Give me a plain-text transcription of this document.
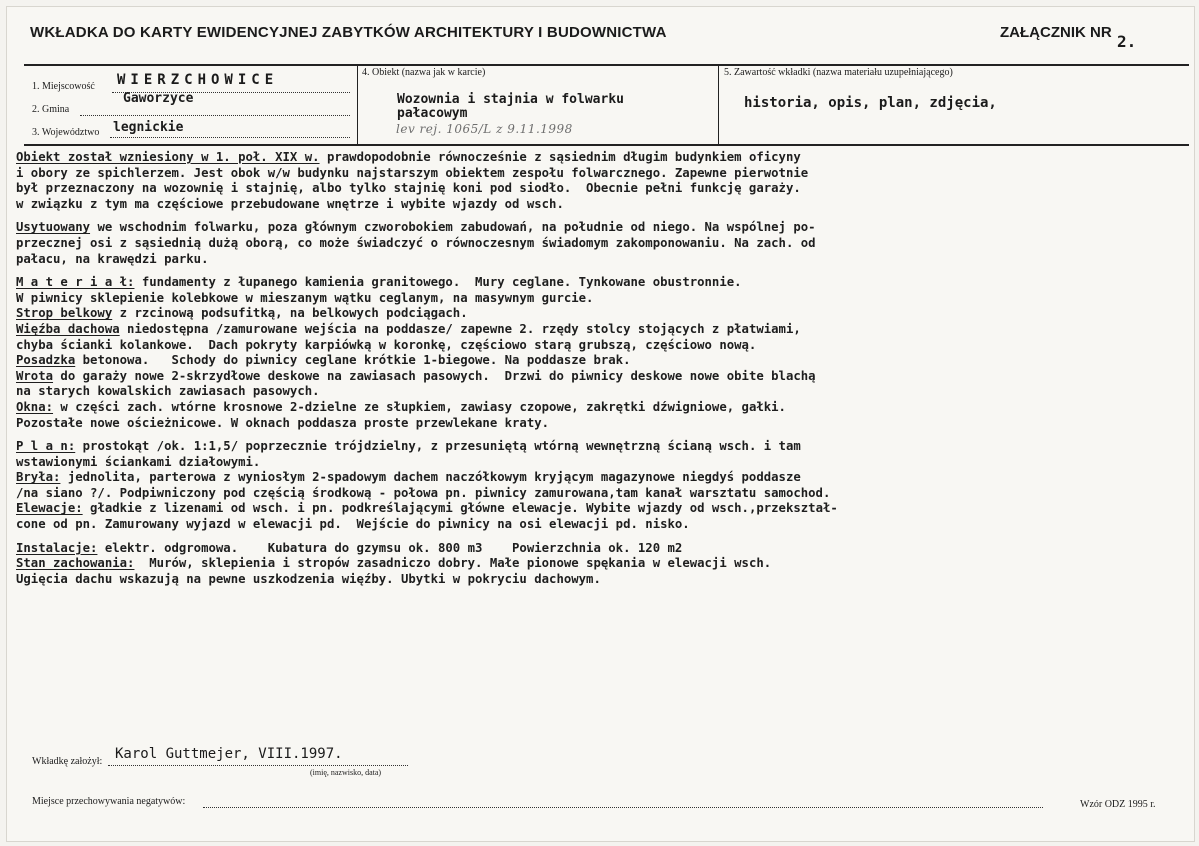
WKŁADKA DO KARTY EWIDENCYJNEJ ZABYTKÓW ARCHITEKTURY I BUDOWNICTWA	ZAŁĄCZNIK NR 2.
1. Miejscowość WIERZCHOWICE
2. Gmina
Gaworzyce
3. Województwo legnickie
4. Obiekt (nazwa jak w karcie)
Wozownia i stajnia w folwarku
pałacowym
lev rej. 1065/L z 9.11.1998
5. Zawartość wkładki (nazwa materiału uzupełniającego)
historia, opis, plan, zdjęcia,
Obiekt został wzniesiony w 1. poł. XIX w. prawdopodobnie równocześnie z sąsiednim długim budynkiem oficyny
i obory ze spichlerzem. Jest obok w/w budynku najstarszym obiektem zespołu folwarcznego. Zapewne pierwotnie
był przeznaczony na wozownię i stajnię, albo tylko stajnię koni pod siodło.  Obecnie pełni funkcję garaży.
w związku z tym ma częściowe przebudowane wnętrze i wybite wjazdy od wsch.
Usytuowany we wschodnim folwarku, poza głównym czworobokiem zabudowań, na południe od niego. Na wspólnej po-
przecznej osi z sąsiednią dużą oborą, co może świadczyć o równoczesnym świadomym zakomponowaniu. Na zach. od
pałacu, na krawędzi parku.
M a t e r i a ł: fundamenty z łupanego kamienia granitowego.  Mury ceglane. Tynkowane obustronnie.
W piwnicy sklepienie kolebkowe w mieszanym wątku ceglanym, na masywnym gurcie.
Strop belkowy z rzcinową podsufitką, na belkowych podciągach.
Więźba dachowa niedostępna /zamurowane wejścia na poddasze/ zapewne 2. rzędy stolcy stojących z płatwiami,
chyba ścianki kolankowe.  Dach pokryty karpiówką w koronkę, częściowo starą grubszą, częściowo nową.
Posadzka betonowa.   Schody do piwnicy ceglane krótkie 1-biegowe. Na poddasze brak.
Wrota do garaży nowe 2-skrzydłowe deskowe na zawiasach pasowych.  Drzwi do piwnicy deskowe nowe obite blachą
na starych kowalskich zawiasach pasowych.
Okna: w części zach. wtórne krosnowe 2-dzielne ze słupkiem, zawiasy czopowe, zakrętki dźwigniowe, gałki.
Pozostałe nowe ościeżnicowe. W oknach poddasza proste przewlekane kraty.
P l a n: prostokąt /ok. 1:1,5/ poprzecznie trójdzielny, z przesuniętą wtórną wewnętrzną ścianą wsch. i tam
wstawionymi ściankami działowymi.
Bryła: jednolita, parterowa z wyniosłym 2-spadowym dachem naczółkowym kryjącym magazynowe niegdyś poddasze
/na siano ?/. Podpiwniczony pod częścią środkową - połowa pn. piwnicy zamurowana,tam kanał warsztatu samochod.
Elewacje: gładkie z lizenami od wsch. i pn. podkreślającymi główne elewacje. Wybite wjazdy od wsch.,przekształ-
cone od pn. Zamurowany wyjazd w elewacji pd.  Wejście do piwnicy na osi elewacji pd. nisko.
Instalacje: elektr. odgromowa.    Kubatura do gzymsu ok. 800 m3    Powierzchnia ok. 120 m2
Stan zachowania:  Murów, sklepienia i stropów zasadniczo dobry. Małe pionowe spękania w elewacji wsch.
Ugięcia dachu wskazują na pewne uszkodzenia więźby. Ubytki w pokryciu dachowym.
Wkładkę założył: Karol Guttmejer, VIII.1997.
(imię, nazwisko, data)
Miejsce przechowywania negatywów:	Wzór ODZ 1995 r.
